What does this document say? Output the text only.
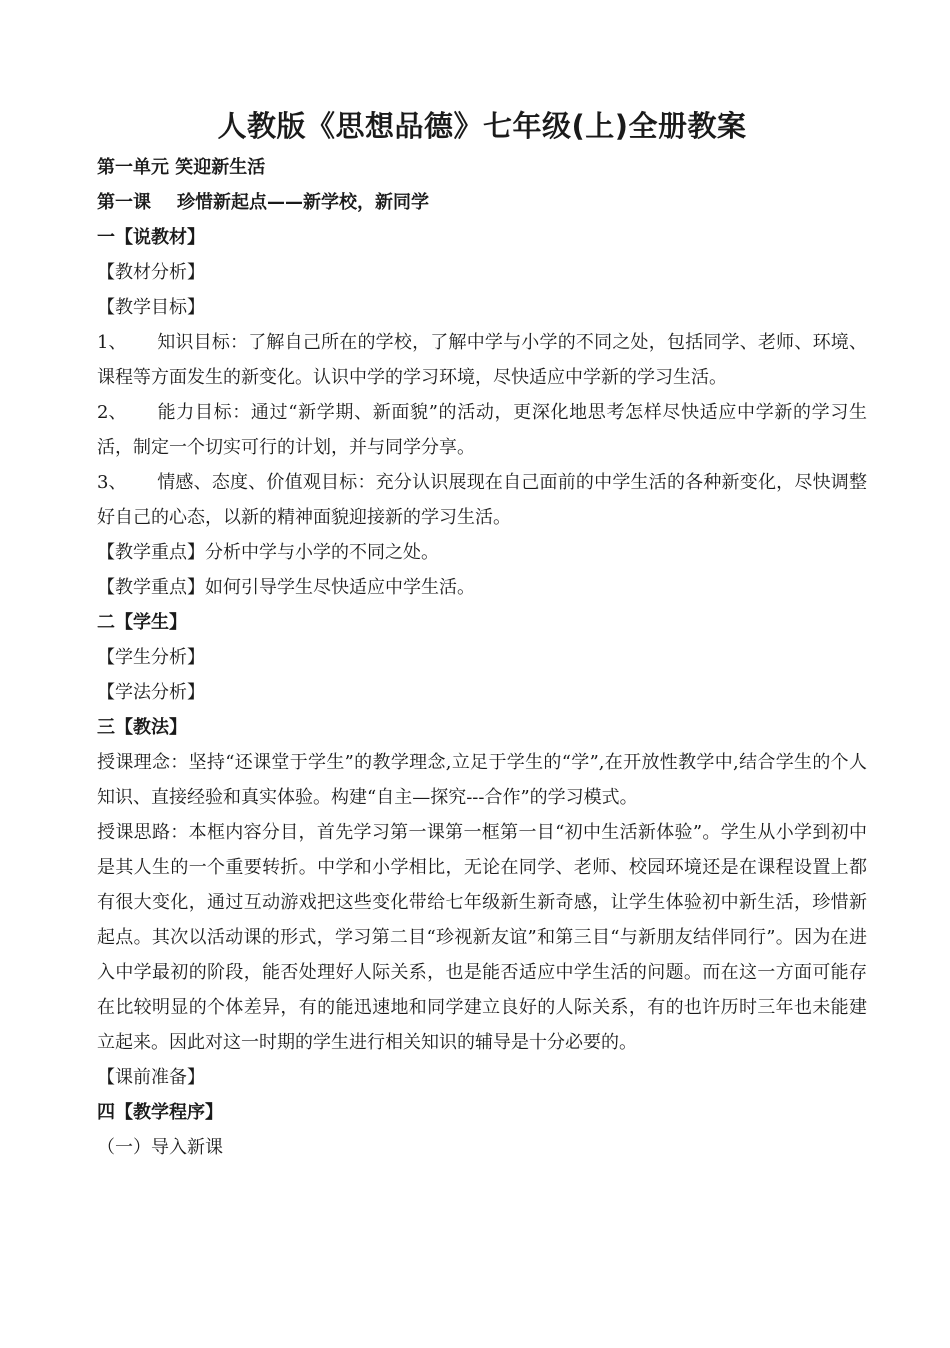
人教版《思想品德》七年级(上)全册教案
第一单元 笑迎新生活
第一课 珍惜新起点——新学校，新同学
一【说教材】
【教材分析】
【教学目标】
1、 知识目标：了解自己所在的学校，了解中学与小学的不同之处，包括同学、老师、环境、课程等方面发生的新变化。认识中学的学习环境，尽快适应中学新的学习生活。
2、 能力目标：通过“新学期、新面貌”的活动，更深化地思考怎样尽快适应中学新的学习生活，制定一个切实可行的计划，并与同学分享。
3、 情感、态度、价值观目标：充分认识展现在自己面前的中学生活的各种新变化，尽快调整好自己的心态，以新的精神面貌迎接新的学习生活。
【教学重点】分析中学与小学的不同之处。
【教学重点】如何引导学生尽快适应中学生活。
二【学生】
【学生分析】
【学法分析】
三【教法】
授课理念：坚持“还课堂于学生”的教学理念,立足于学生的“学”,在开放性教学中,结合学生的个人知识、直接经验和真实体验。构建“自主—探究---合作”的学习模式。
授课思路：本框内容分目，首先学习第一课第一框第一目“初中生活新体验”。学生从小学到初中是其人生的一个重要转折。中学和小学相比，无论在同学、老师、校园环境还是在课程设置上都有很大变化，通过互动游戏把这些变化带给七年级新生新奇感，让学生体验初中新生活，珍惜新起点。其次以活动课的形式，学习第二目“珍视新友谊”和第三目“与新朋友结伴同行”。因为在进入中学最初的阶段，能否处理好人际关系，也是能否适应中学生活的问题。而在这一方面可能存在比较明显的个体差异，有的能迅速地和同学建立良好的人际关系，有的也许历时三年也未能建立起来。因此对这一时期的学生进行相关知识的辅导是十分必要的。
【课前准备】
四【教学程序】
（一）导入新课
